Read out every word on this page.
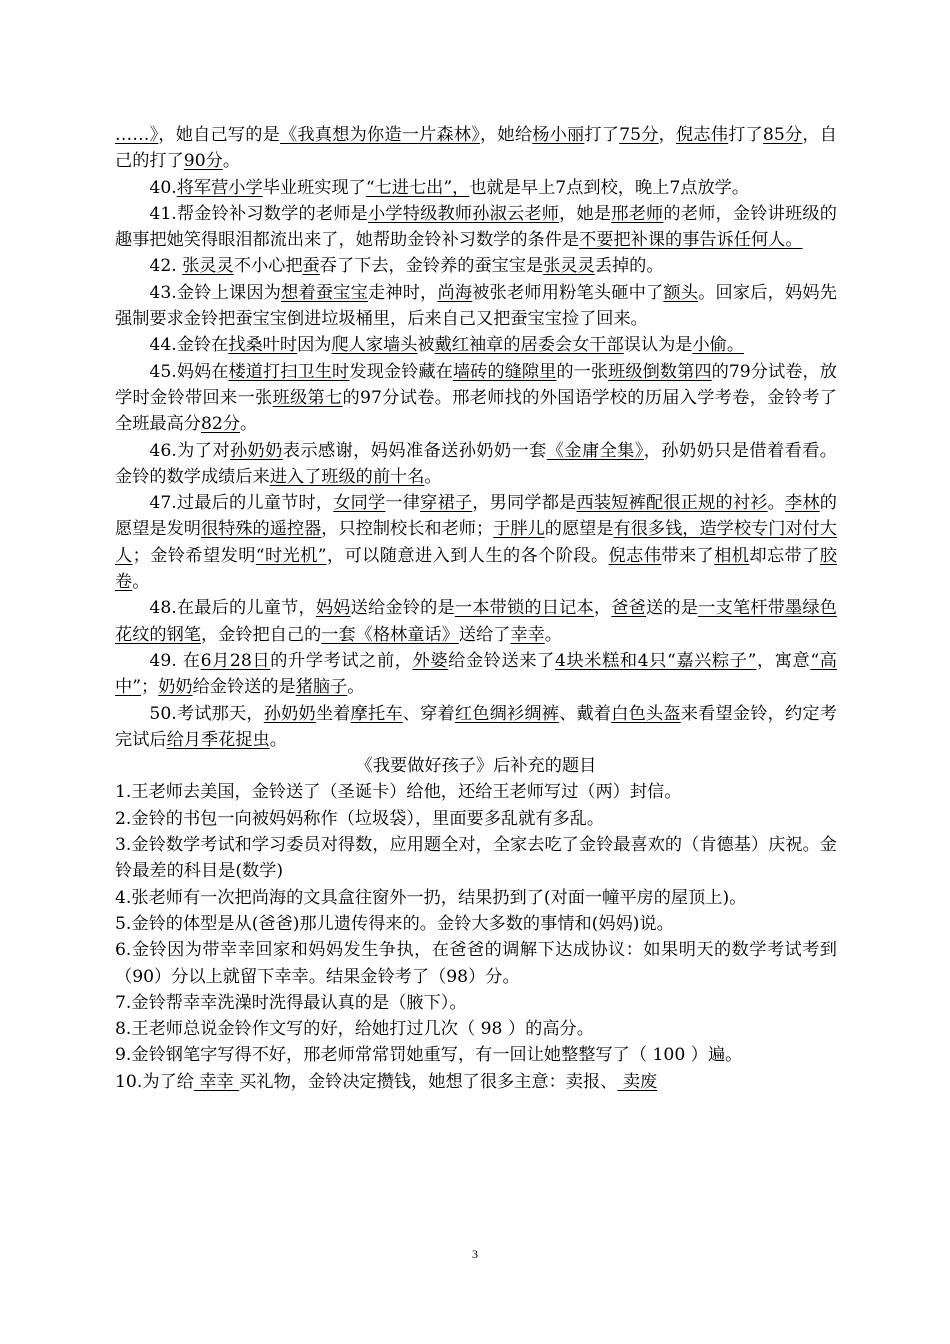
……》，她自己写的是《我真想为你造一片森林》，她给杨小丽打了75分，倪志伟打了85分，自己的打了90分。

40.将军营小学毕业班实现了“七进七出”，也就是早上7点到校，晚上7点放学。

41.帮金铃补习数学的老师是小学特级教师孙淑云老师，她是邢老师的老师，金铃讲班级的趣事把她笑得眼泪都流出来了，她帮助金铃补习数学的条件是不要把补课的事告诉任何人。

42. 张灵灵不小心把蚕吞了下去，金铃养的蚕宝宝是张灵灵丢掉的。

43.金铃上课因为想着蚕宝宝走神时，尚海被张老师用粉笔头砸中了额头。回家后，妈妈先强制要求金铃把蚕宝宝倒进垃圾桶里，后来自己又把蚕宝宝捡了回来。

44.金铃在找桑叶时因为爬人家墙头被戴红袖章的居委会女干部误认为是小偷。

45.妈妈在楼道打扫卫生时发现金铃藏在墙砖的缝隙里的一张班级倒数第四的79分试卷，放学时金铃带回来一张班级第七的97分试卷。邢老师找的外国语学校的历届入学考卷，金铃考了全班最高分82分。

46.为了对孙奶奶表示感谢，妈妈准备送孙奶奶一套《金庸全集》，孙奶奶只是借着看看。金铃的数学成绩后来进入了班级的前十名。

47.过最后的儿童节时，女同学一律穿裙子，男同学都是西装短裤配很正规的衬衫。李林的愿望是发明很特殊的遥控器，只控制校长和老师；于胖儿的愿望是有很多钱，造学校专门对付大人；金铃希望发明“时光机”，可以随意进入到人生的各个阶段。倪志伟带来了相机却忘带了胶卷。

48.在最后的儿童节，妈妈送给金铃的是一本带锁的日记本，爸爸送的是一支笔杆带墨绿色花纹的钢笔，金铃把自己的一套《格林童话》送给了幸幸。

49. 在6月28日的升学考试之前，外婆给金铃送来了4块米糕和4只“嘉兴粽子”，寓意“高中”；奶奶给金铃送的是猪脑子。

50.考试那天，孙奶奶坐着摩托车、穿着红色绸衫绸裤、戴着白色头盔来看望金铃，约定考完试后给月季花捉虫。

《我要做好孩子》后补充的题目

1.王老师去美国，金铃送了（圣诞卡）给他，还给王老师写过（两）封信。

2.金铃的书包一向被妈妈称作（垃圾袋），里面要多乱就有多乱。

3.金铃数学考试和学习委员对得数，应用题全对，全家去吃了金铃最喜欢的（肯德基）庆祝。金铃最差的科目是(数学)

4.张老师有一次把尚海的文具盒往窗外一扔，结果扔到了(对面一幢平房的屋顶上)。

5.金铃的体型是从(爸爸)那儿遗传得来的。金铃大多数的事情和(妈妈)说。

6.金铃因为带幸幸回家和妈妈发生争执，在爸爸的调解下达成协议：如果明天的数学考试考到（90）分以上就留下幸幸。结果金铃考了（98）分。

7.金铃帮幸幸洗澡时洗得最认真的是（腋下）。

8.王老师总说金铃作文写的好，给她打过几次（ 98 ）的高分。

9.金铃钢笔字写得不好，邢老师常常罚她重写，有一回让她整整写了（ 100 ）遍。

10.为了给 幸幸 买礼物，金铃决定攒钱，她想了很多主意：卖报、 卖废

3
